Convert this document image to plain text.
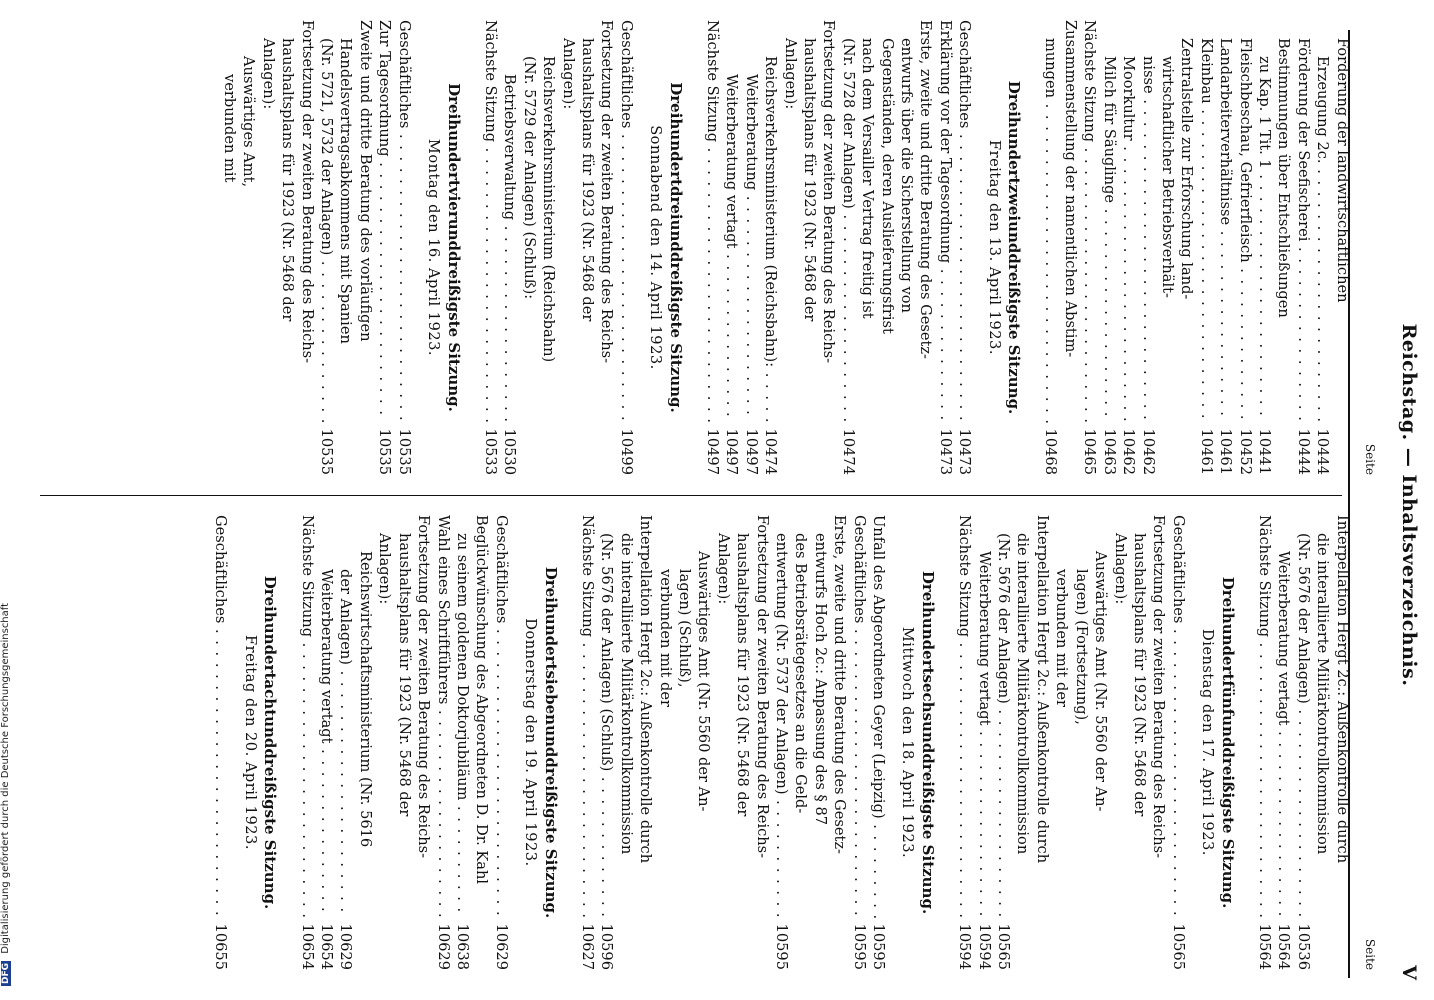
Reichstag. — Inhaltsverzeichnis.
V
Seite
Förderung der landwirtschaftlichen
Erzeugung 2c. . . .
10444
Förderung der Seefischerei . . .
10444
Bestimmungen über Entschließungen
zu Kap. 1 Tit. 1 . . .
10441
Fleischbeschau, Gefrierfleisch . . .
10452
Landarbeiterverhältnisse . . .
10461
Kleinbau . . .
10461
Zentralstelle zur Erforschung land-
wirtschaftlicher Betriebsverhält-
nisse . . .
10462
Moorkultur . . .
10462
Milch für Säuglinge . . .
10463
Nächste Sitzung . . .
10465
Zusammenstellung der namentlichen Abstim-
mungen . . .
10468
Dreihundertzweiunddreißigste Sitzung.
Freitag den 13. April 1923.
Geschäftliches . . .
10473
Erklärung vor der Tagesordnung . . .
10473
Erste, zweite und dritte Beratung des Gesetz-
entwurfs über die Sicherstellung von
Gegenständen, deren Auslieferungsfrist
nach dem Versailler Vertrag freitig ist
(Nr. 5728 der Anlagen) . . .
10474
Fortsetzung der zweiten Beratung des Reichs-
haushaltsplans für 1923 (Nr. 5468 der
Anlagen):
Reichsverkehrsministerium (Reichsbahn): . . .
10474
Weiterberatung . . .
10497
Weiterberatung vertagt . . .
10497
Nächste Sitzung . . .
10497
Dreihundertdreiunddreißigste Sitzung.
Sonnabend den 14. April 1923.
Geschäftliches . . .
10499
Fortsetzung der zweiten Beratung des Reichs-
haushaltsplans für 1923 (Nr. 5468 der
Anlagen):
Reichsverkehrsministerium (Reichsbahn)
(Nr. 5729 der Anlagen) (Schluß):
Betriebsverwaltung . . .
10530
Nächste Sitzung . . .
10533
Dreihundertvierunddreißigste Sitzung.
Montag den 16. April 1923.
Geschäftliches . . .
10535
Zur Tagesordnung . . .
10535
Zweite und dritte Beratung des vorläufigen
Handelsvertragsabkommens mit Spanien
(Nr. 5721, 5732 der Anlagen) . . .
10535
Fortsetzung der zweiten Beratung des Reichs-
haushaltsplans für 1923 (Nr. 5468 der
Anlagen):
Auswärtiges Amt,
verbunden mit
Seite
Interpellation Hergt 2c.: Außenkontrolle durch
die interalliierte Militärkontrollkommission
(Nr. 5676 der Anlagen) . . .
10536
Weiterberatung vertagt . . .
10564
Nächste Sitzung . . .
10564
Dreihundertfünfunddreißigste Sitzung.
Dienstag den 17. April 1923.
Geschäftliches . . .
10565
Fortsetzung der zweiten Beratung des Reichs-
haushaltsplans für 1923 (Nr. 5468 der
Anlagen):
Auswärtiges Amt (Nr. 5560 der An-
lagen) (Fortsetzung),
verbunden mit der
Interpellation Hergt 2c.: Außenkontrolle durch
die interalliierte Militärkontrollkommission
(Nr. 5676 der Anlagen) . . .
10565
Weiterberatung vertagt . . .
10594
Nächste Sitzung . . .
10594
Dreihundertsechsunddreißigste Sitzung.
Mittwoch den 18. April 1923.
Unfall des Abgeordneten Geyer (Leipzig) . . .
10595
Geschäftliches . . .
10595
Erste, zweite und dritte Beratung des Gesetz-
entwurfs Hoch 2c.: Anpassung des § 87
des Betriebsrätegesetzes an die Geld-
entwertung (Nr. 5737 der Anlagen) . . .
10595
Fortsetzung der zweiten Beratung des Reichs-
haushaltsplans für 1923 (Nr. 5468 der
Anlagen):
Auswärtiges Amt (Nr. 5560 der An-
lagen) (Schluß),
verbunden mit der
Interpellation Hergt 2c.: Außenkontrolle durch
die interalliierte Militärkontrollkommission
(Nr. 5676 der Anlagen) (Schluß) . . .
10596
Nächste Sitzung . . .
10627
Dreihundertsiebenunddreißigste Sitzung.
Donnerstag den 19. April 1923.
Geschäftliches . . .
10629
Beglückwünschung des Abgeordneten D. Dr. Kahl
zu seinem goldenen Doktorjubiläum . . .
10638
Wahl eines Schriftführers . . .
10629
Fortsetzung der zweiten Beratung des Reichs-
haushaltsplans für 1923 (Nr. 5468 der
Anlagen):
Reichswirtschaftsministerium (Nr. 5616
der Anlagen) . . .
10629
Weiterberatung vertagt . . .
10654
Nächste Sitzung . . .
10654
Dreihundertachtunddreißigste Sitzung.
Freitag den 20. April 1923.
Geschäftliches . . .
10655
DFG Digitalisierung gefördert durch die Deutsche Forschungsgemeinschaft
